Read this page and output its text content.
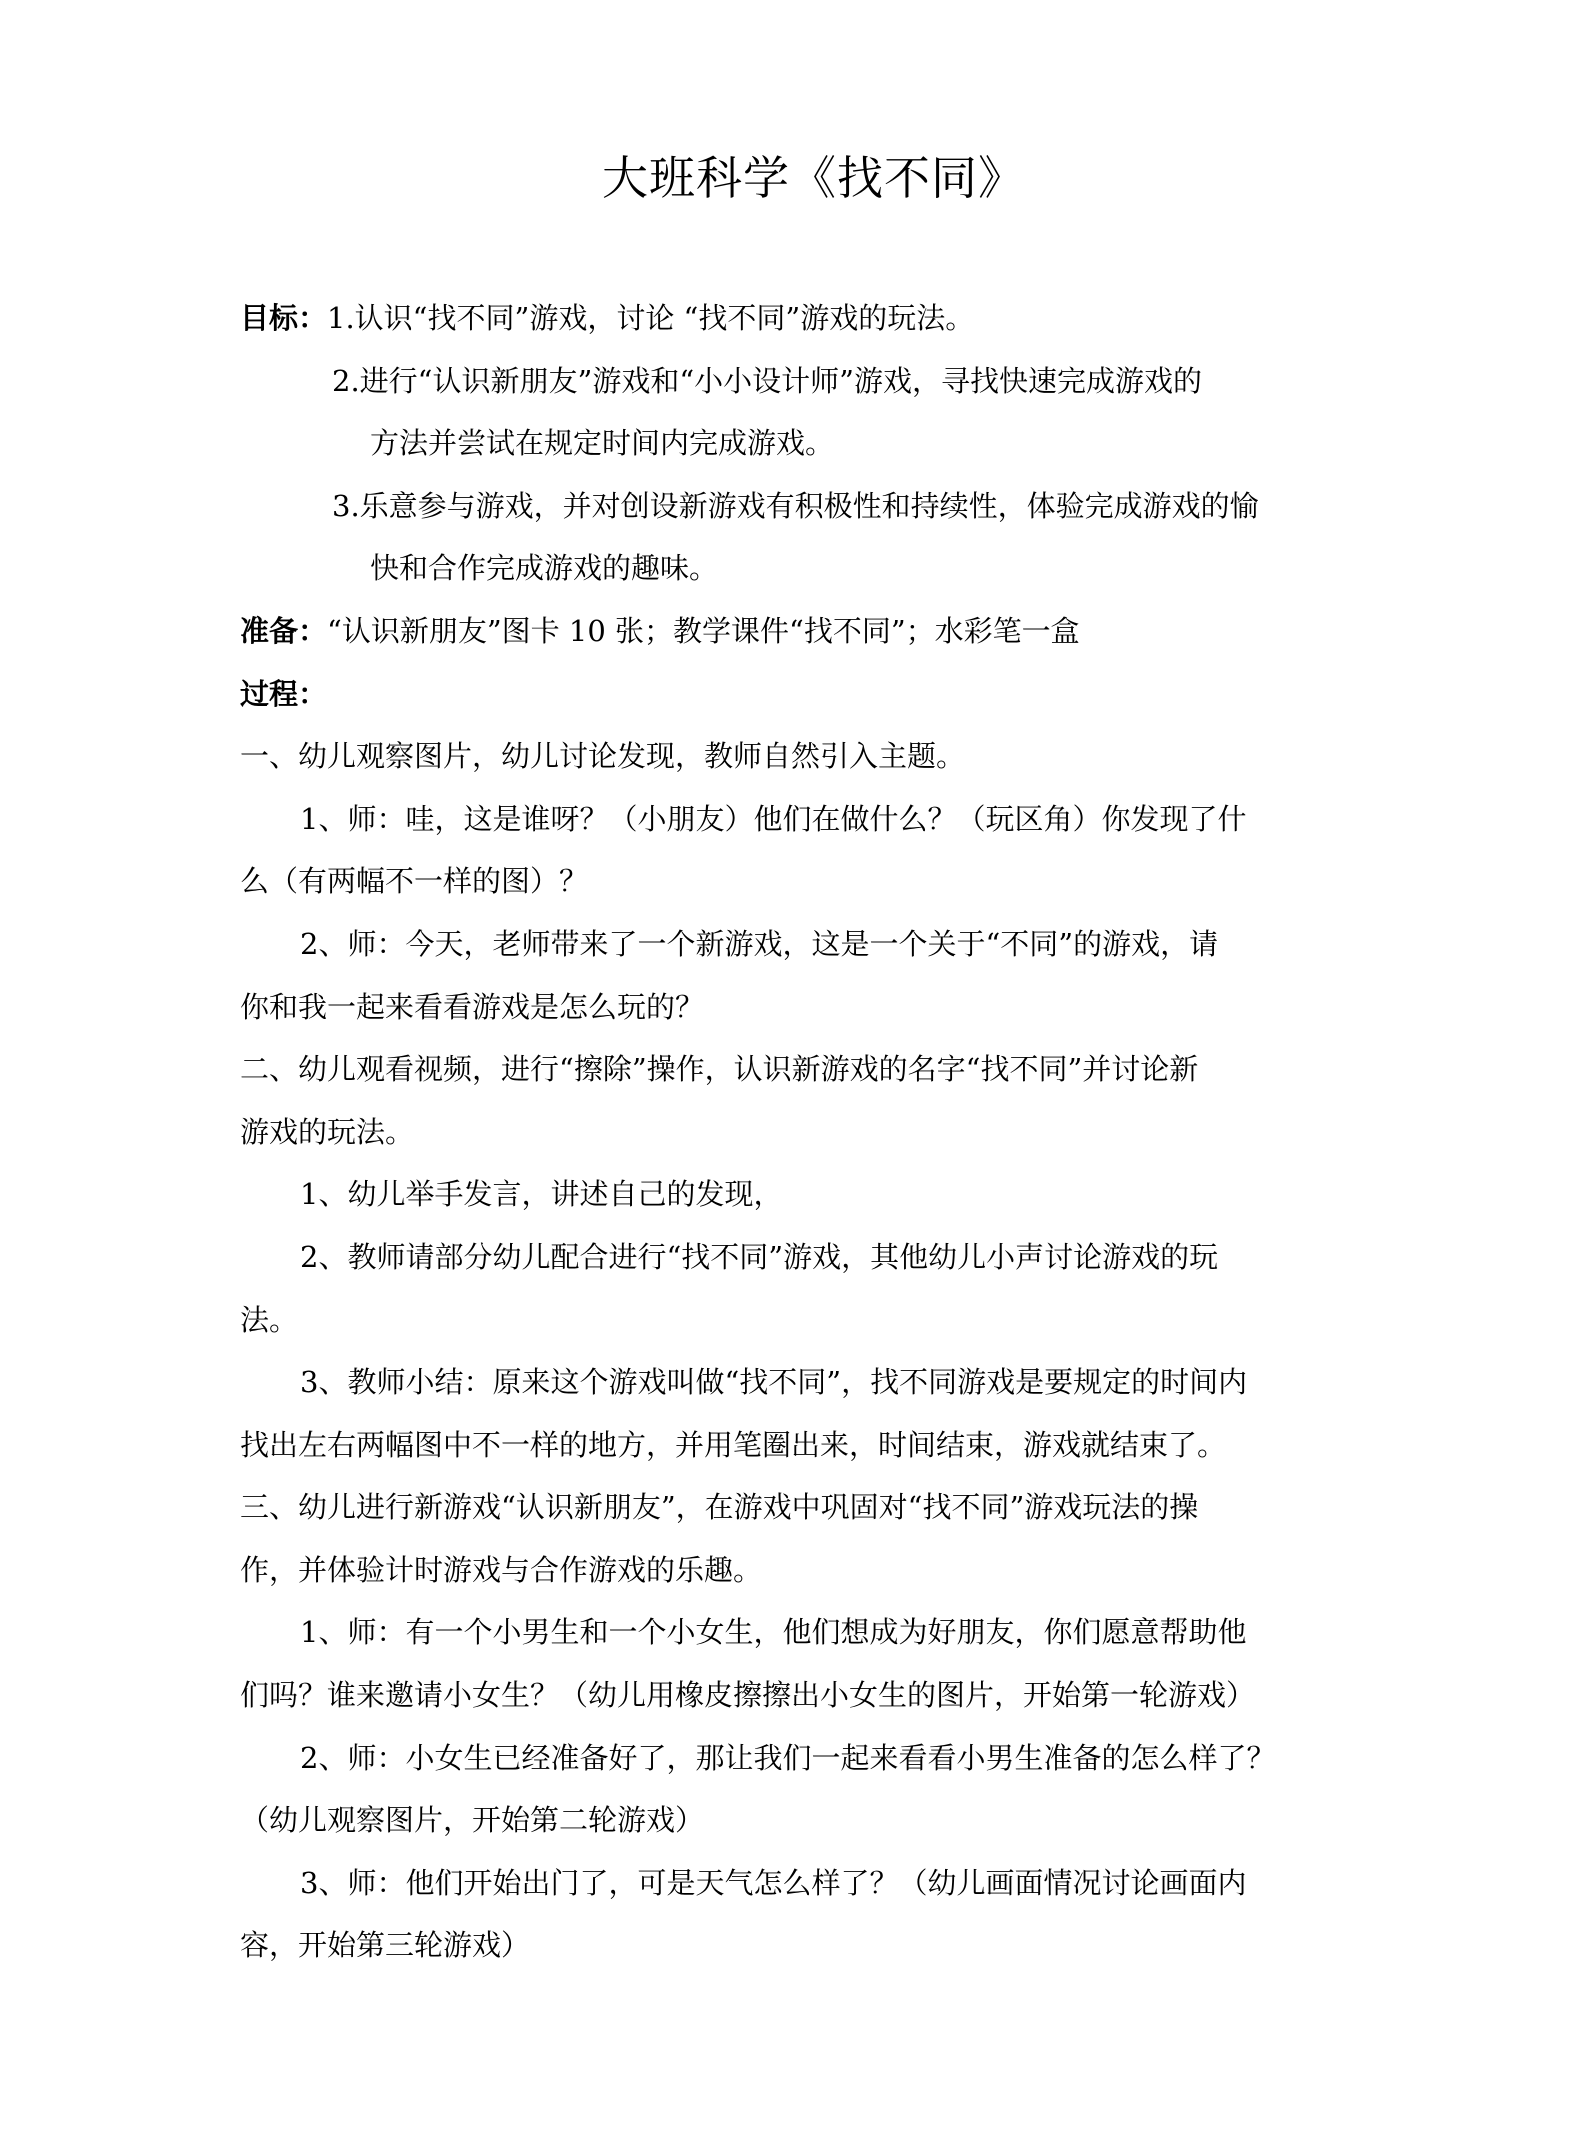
大班科学《找不同》
目标：1.认识“找不同”游戏，讨论 “找不同”游戏的玩法。
2.进行“认识新朋友”游戏和“小小设计师”游戏，寻找快速完成游戏的
方法并尝试在规定时间内完成游戏。
3.乐意参与游戏，并对创设新游戏有积极性和持续性，体验完成游戏的愉
快和合作完成游戏的趣味。
准备：“认识新朋友”图卡 10 张；教学课件“找不同”；水彩笔一盒
过程：
一、幼儿观察图片，幼儿讨论发现，教师自然引入主题。
1、师：哇，这是谁呀？（小朋友）他们在做什么？（玩区角）你发现了什
么（有两幅不一样的图）？
2、师：今天，老师带来了一个新游戏，这是一个关于“不同”的游戏，请
你和我一起来看看游戏是怎么玩的？
二、幼儿观看视频，进行“擦除”操作，认识新游戏的名字“找不同”并讨论新
游戏的玩法。
1、幼儿举手发言，讲述自己的发现，
2、教师请部分幼儿配合进行“找不同”游戏，其他幼儿小声讨论游戏的玩
法。
3、教师小结：原来这个游戏叫做“找不同”，找不同游戏是要规定的时间内
找出左右两幅图中不一样的地方，并用笔圈出来，时间结束，游戏就结束了。
三、幼儿进行新游戏“认识新朋友”，在游戏中巩固对“找不同”游戏玩法的操
作，并体验计时游戏与合作游戏的乐趣。
1、师：有一个小男生和一个小女生，他们想成为好朋友，你们愿意帮助他
们吗？谁来邀请小女生？（幼儿用橡皮擦擦出小女生的图片，开始第一轮游戏）
2、师：小女生已经准备好了，那让我们一起来看看小男生准备的怎么样了？
（幼儿观察图片，开始第二轮游戏）
3、师：他们开始出门了，可是天气怎么样了？（幼儿画面情况讨论画面内
容，开始第三轮游戏）
